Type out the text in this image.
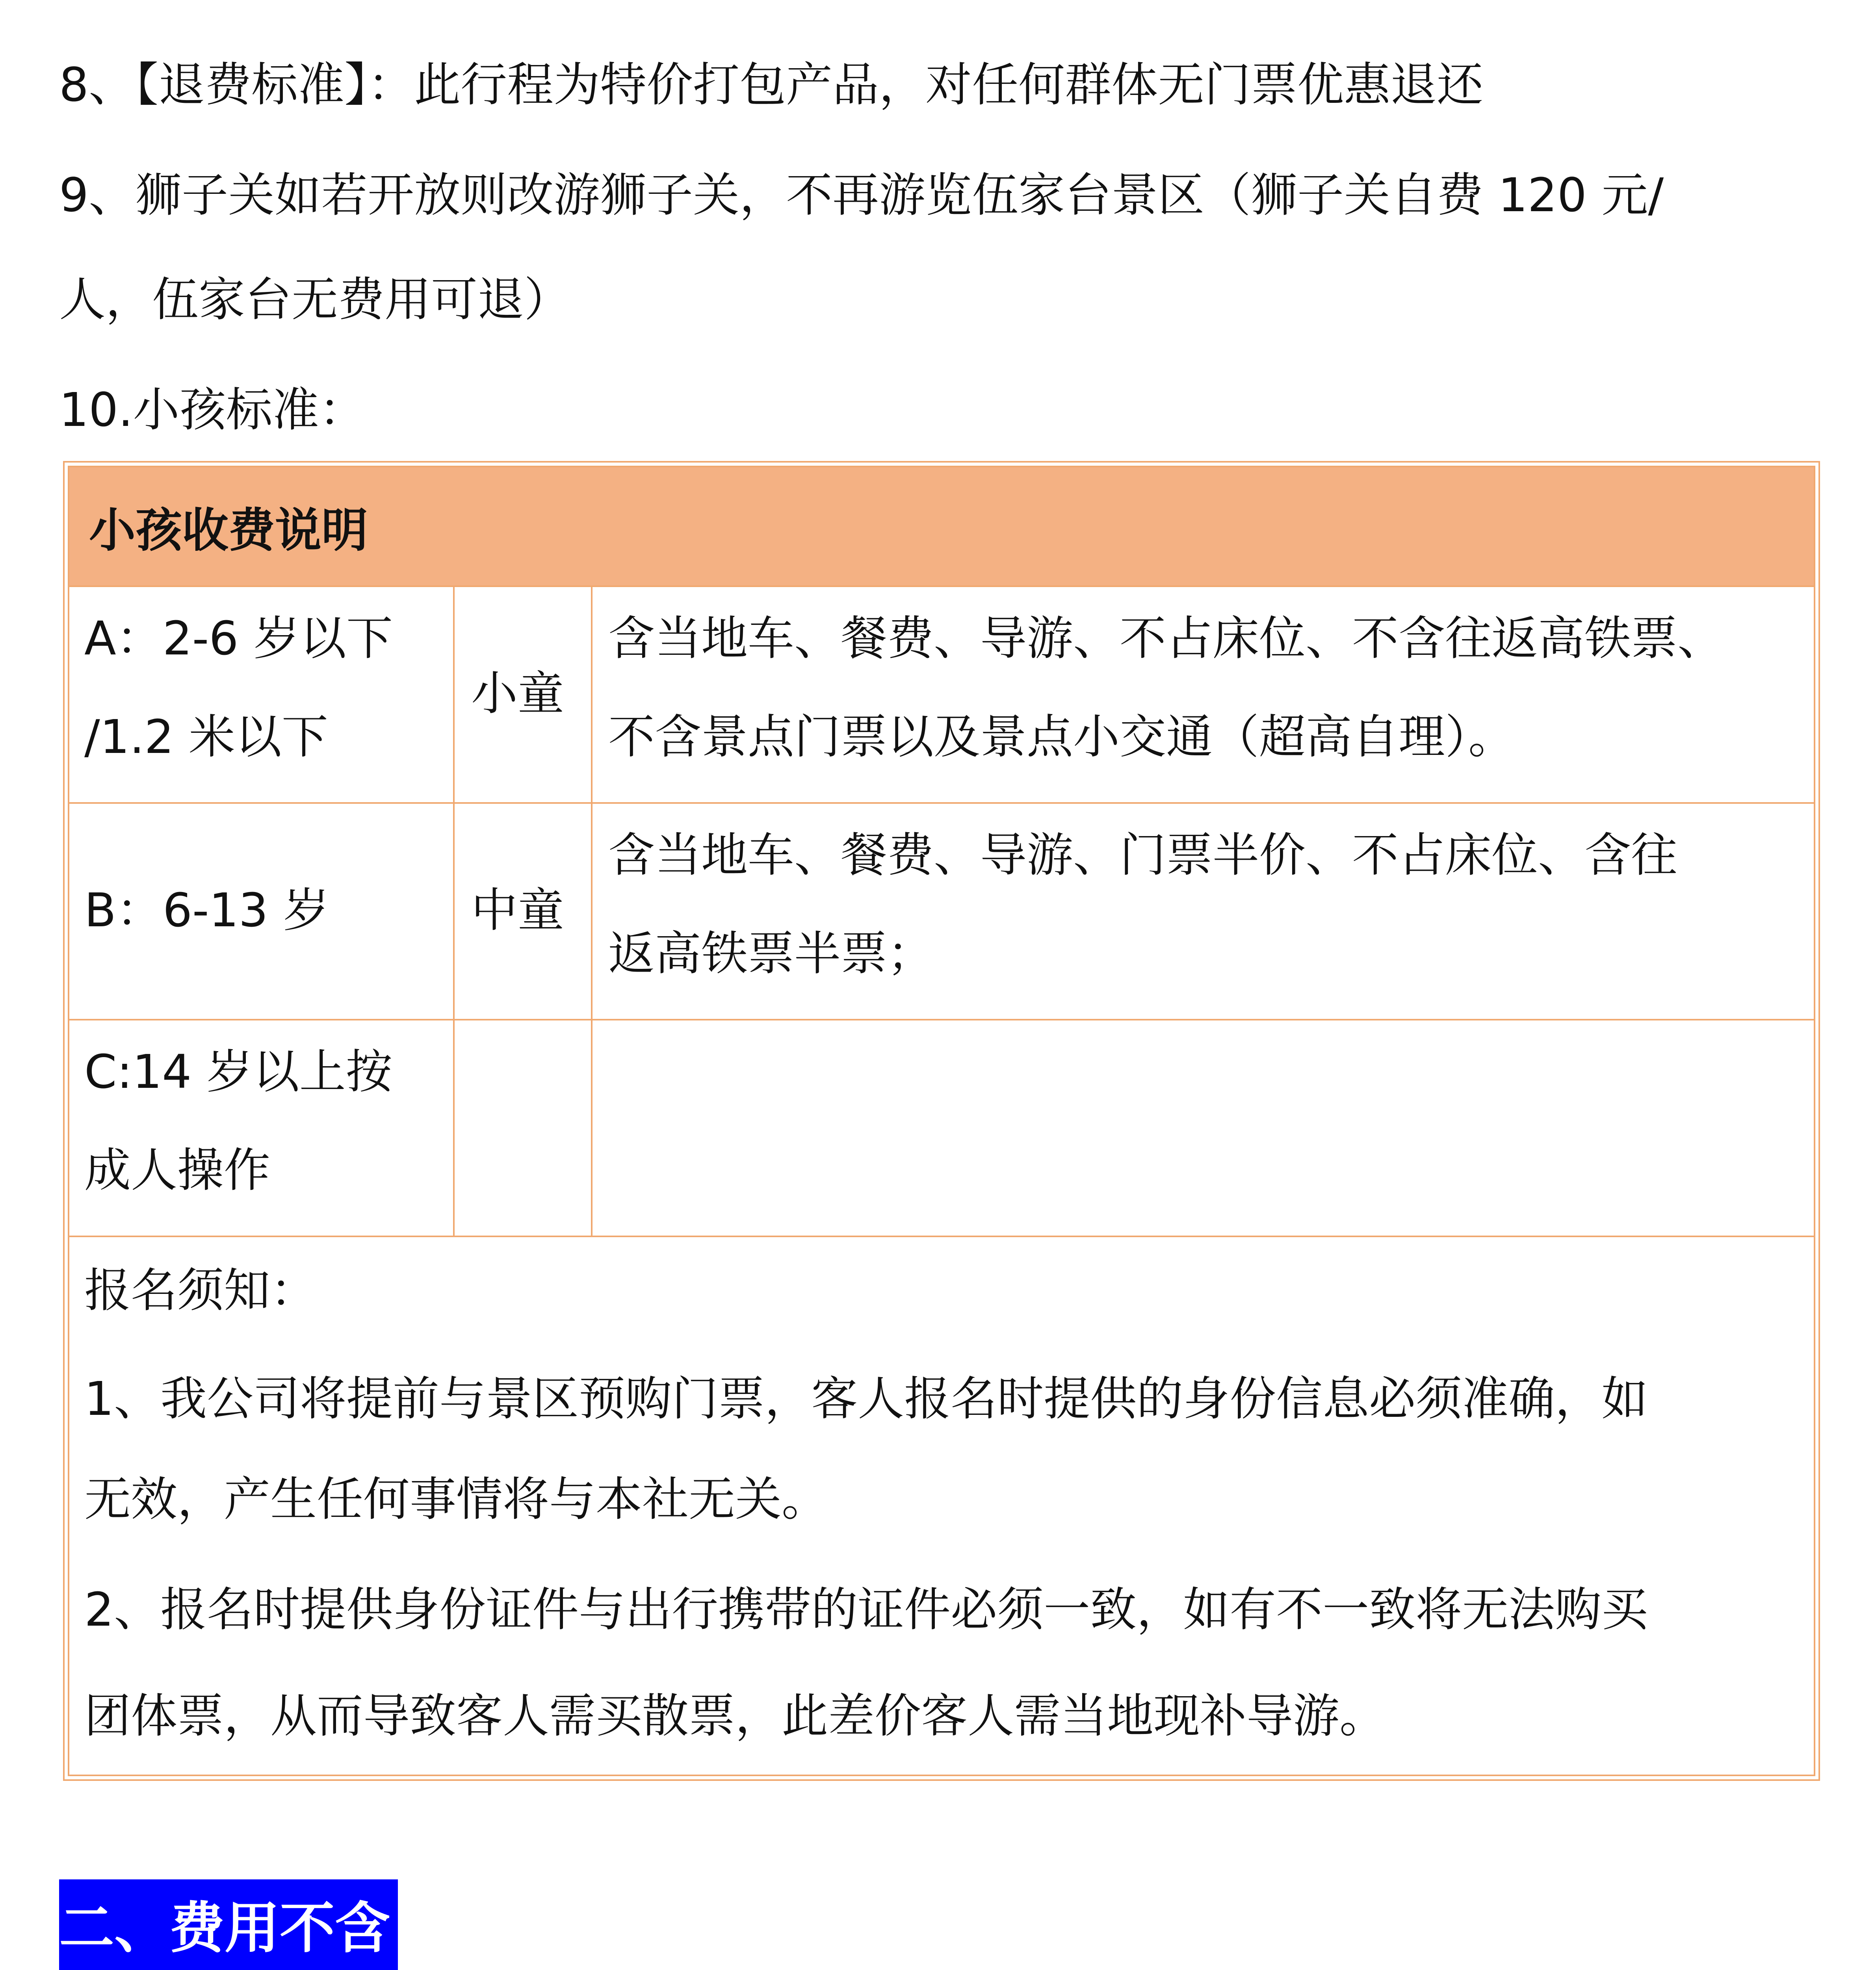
8、【退费标准】：此行程为特价打包产品，对任何群体无门票优惠退还

9、狮子关如若开放则改游狮子关，不再游览伍家台景区（狮子关自费 120 元/

人，伍家台无费用可退）

10.小孩标准：

小孩收费说明
A：2-6 岁以下
/1.2 米以下
小童
含当地车、餐费、导游、不占床位、不含往返高铁票、
不含景点门票以及景点小交通（超高自理）。
B：6-13 岁	中童
含当地车、餐费、导游、门票半价、不占床位、含往
返高铁票半票；
C:14 岁以上按
成人操作
报名须知：
1、我公司将提前与景区预购门票，客人报名时提供的身份信息必须准确，如
无效，产生任何事情将与本社无关。
2、报名时提供身份证件与出行携带的证件必须一致，如有不一致将无法购买
团体票，从而导致客人需买散票，此差价客人需当地现补导游。
二、费用不含
